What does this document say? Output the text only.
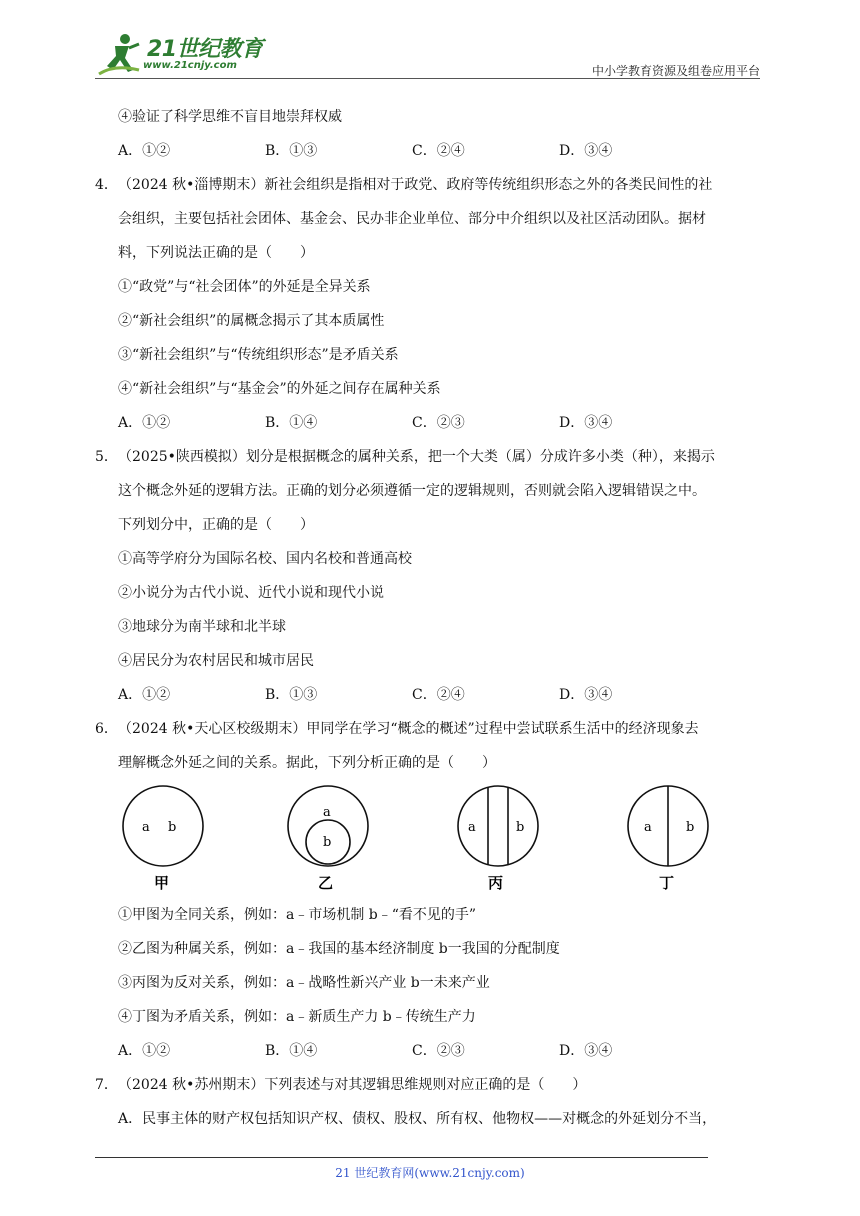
21世纪教育
www.21cnjy.com	中小学教育资源及组卷应用平台
④验证了科学思维不盲目地崇拜权威
A．①②	B．①③	C．②④	D．③④
4．（2024 秋•淄博期末）新社会组织是指相对于政党、政府等传统组织形态之外的各类民间性的社
会组织，主要包括社会团体、基金会、民办非企业单位、部分中介组织以及社区活动团队。据材
料，下列说法正确的是（　　）
①“政党”与“社会团体”的外延是全异关系
②“新社会组织”的属概念揭示了其本质属性
③“新社会组织”与“传统组织形态”是矛盾关系
④“新社会组织”与“基金会”的外延之间存在属种关系
A．①②	B．①④	C．②③	D．③④
5．（2025•陕西模拟）划分是根据概念的属种关系，把一个大类（属）分成许多小类（种），来揭示
这个概念外延的逻辑方法。正确的划分必须遵循一定的逻辑规则，否则就会陷入逻辑错误之中。
下列划分中，正确的是（　　）
①高等学府分为国际名校、国内名校和普通高校
②小说分为古代小说、近代小说和现代小说
③地球分为南半球和北半球
④居民分为农村居民和城市居民
A．①②	B．①③	C．②④	D．③④
6．（2024 秋•天心区校级期末）甲同学在学习“概念的概述”过程中尝试联系生活中的经济现象去
理解概念外延之间的关系。据此，下列分析正确的是（　　）
a b
甲
a
b
乙
a	b
丙
a	b
丁
①甲图为全同关系，例如：a﹣市场机制 b﹣“看不见的手”
②乙图为种属关系，例如：a﹣我国的基本经济制度 b一我国的分配制度
③丙图为反对关系，例如：a﹣战略性新兴产业 b一未来产业
④丁图为矛盾关系，例如：a﹣新质生产力 b﹣传统生产力
A．①②	B．①④	C．②③	D．③④
7．（2024 秋•苏州期末）下列表述与对其逻辑思维规则对应正确的是（　　）
A．民事主体的财产权包括知识产权、债权、股权、所有权、他物权——对概念的外延划分不当，
21 世纪教育网(www.21cnjy.com)
